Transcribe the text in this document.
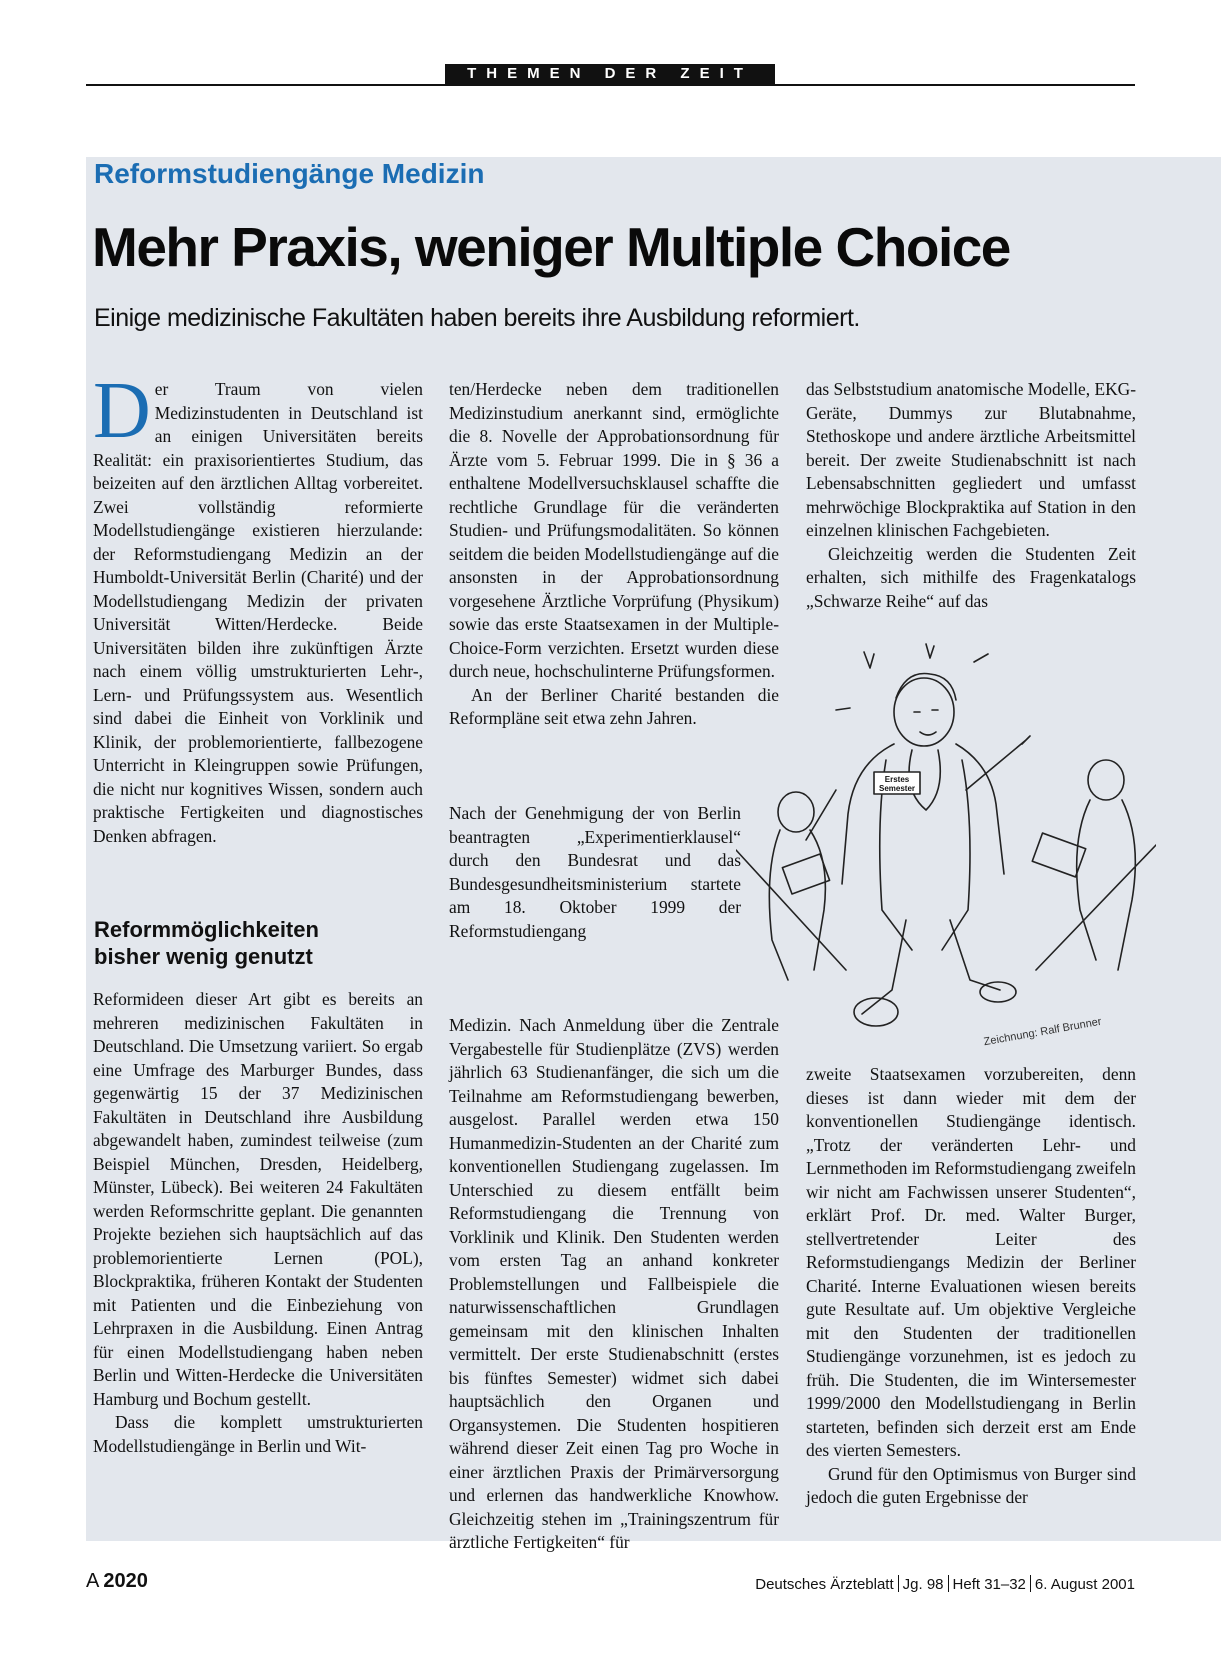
THEMEN DER ZEIT
Reformstudiengänge Medizin
Mehr Praxis, weniger Multiple Choice
Einige medizinische Fakultäten haben bereits ihre Ausbildung reformiert.

Der Traum von vielen Medizinstudenten in Deutschland ist an einigen Universitäten bereits Realität: ein praxisorientiertes Studium, das beizeiten auf den ärztlichen Alltag vorbereitet. Zwei vollständig reformierte Modellstudiengänge existieren hierzulande: der Reformstudiengang Medizin an der Humboldt-Universität Berlin (Charité) und der Modellstudiengang Medizin der privaten Universität Witten/Herdecke. Beide Universitäten bilden ihre zukünftigen Ärzte nach einem völlig umstrukturierten Lehr-, Lern- und Prüfungssystem aus. Wesentlich sind dabei die Einheit von Vorklinik und Klinik, der problemorientierte, fallbezogene Unterricht in Kleingruppen sowie Prüfungen, die nicht nur kognitives Wissen, sondern auch praktische Fertigkeiten und diagnostisches Denken abfragen.

Reformmöglichkeiten
bisher wenig genutzt

Reformideen dieser Art gibt es bereits an mehreren medizinischen Fakultäten in Deutschland. Die Umsetzung variiert. So ergab eine Umfrage des Marburger Bundes, dass gegenwärtig 15 der 37 Medizinischen Fakultäten in Deutschland ihre Ausbildung abgewandelt haben, zumindest teilweise (zum Beispiel München, Dresden, Heidelberg, Münster, Lübeck). Bei weiteren 24 Fakultäten werden Reformschritte geplant. Die genannten Projekte beziehen sich hauptsächlich auf das problemorientierte Lernen (POL), Blockpraktika, früheren Kontakt der Studenten mit Patienten und die Einbeziehung von Lehrpraxen in die Ausbildung. Einen Antrag für einen Modellstudiengang haben neben Berlin und Witten-Herdecke die Universitäten Hamburg und Bochum gestellt.

Dass die komplett umstrukturierten Modellstudiengänge in Berlin und Wit-

ten/Herdecke neben dem traditionellen Medizinstudium anerkannt sind, ermöglichte die 8. Novelle der Approbationsordnung für Ärzte vom 5. Februar 1999. Die in § 36 a enthaltene Modellversuchsklausel schaffte die rechtliche Grundlage für die veränderten Studien- und Prüfungsmodalitäten. So können seitdem die beiden Modellstudiengänge auf die ansonsten in der Approbationsordnung vorgesehene Ärztliche Vorprüfung (Physikum) sowie das erste Staatsexamen in der Multiple-Choice-Form verzichten. Ersetzt wurden diese durch neue, hochschulinterne Prüfungsformen.

An der Berliner Charité bestanden die Reformpläne seit etwa zehn Jahren.

Nach der Genehmigung der von Berlin beantragten „Experimentierklausel“ durch den Bundesrat und das Bundesgesundheitsministerium startete am 18. Oktober 1999 der Reformstudiengang

Medizin. Nach Anmeldung über die Zentrale Vergabestelle für Studienplätze (ZVS) werden jährlich 63 Studienanfänger, die sich um die Teilnahme am Reformstudiengang bewerben, ausgelost. Parallel werden etwa 150 Humanmedizin-Studenten an der Charité zum konventionellen Studiengang zugelassen. Im Unterschied zu diesem entfällt beim Reformstudiengang die Trennung von Vorklinik und Klinik. Den Studenten werden vom ersten Tag an anhand konkreter Problemstellungen und Fallbeispiele die naturwissenschaftlichen Grundlagen gemeinsam mit den klinischen Inhalten vermittelt. Der erste Studienabschnitt (erstes bis fünftes Semester) widmet sich dabei hauptsächlich den Organen und Organsystemen. Die Studenten hospitieren während dieser Zeit einen Tag pro Woche in einer ärztlichen Praxis der Primärversorgung und erlernen das handwerkliche Knowhow. Gleichzeitig stehen im „Trainingszentrum für ärztliche Fertigkeiten“ für

das Selbststudium anatomische Modelle, EKG-Geräte, Dummys zur Blutabnahme, Stethoskope und andere ärztliche Arbeitsmittel bereit. Der zweite Studienabschnitt ist nach Lebensabschnitten gegliedert und umfasst mehrwöchige Blockpraktika auf Station in den einzelnen klinischen Fachgebieten.

Gleichzeitig werden die Studenten Zeit erhalten, sich mithilfe des Fragenkatalogs „Schwarze Reihe“ auf das

zweite Staatsexamen vorzubereiten, denn dieses ist dann wieder mit dem der konventionellen Studiengänge identisch. „Trotz der veränderten Lehr- und Lernmethoden im Reformstudiengang zweifeln wir nicht am Fachwissen unserer Studenten“, erklärt Prof. Dr. med. Walter Burger, stellvertretender Leiter des Reformstudiengangs Medizin der Berliner Charité. Interne Evaluationen wiesen bereits gute Resultate auf. Um objektive Vergleiche mit den Studenten der traditionellen Studiengänge vorzunehmen, ist es jedoch zu früh. Die Studenten, die im Wintersemester 1999/2000 den Modellstudiengang in Berlin starteten, befinden sich derzeit erst am Ende des vierten Semesters.

Grund für den Optimismus von Burger sind jedoch die guten Ergebnisse der

Erstes
Semester
Zeichnung: Ralf Brunner
A 2020	Deutsches Ärzteblatt Jg. 98 Heft 31–32 6. August 2001
